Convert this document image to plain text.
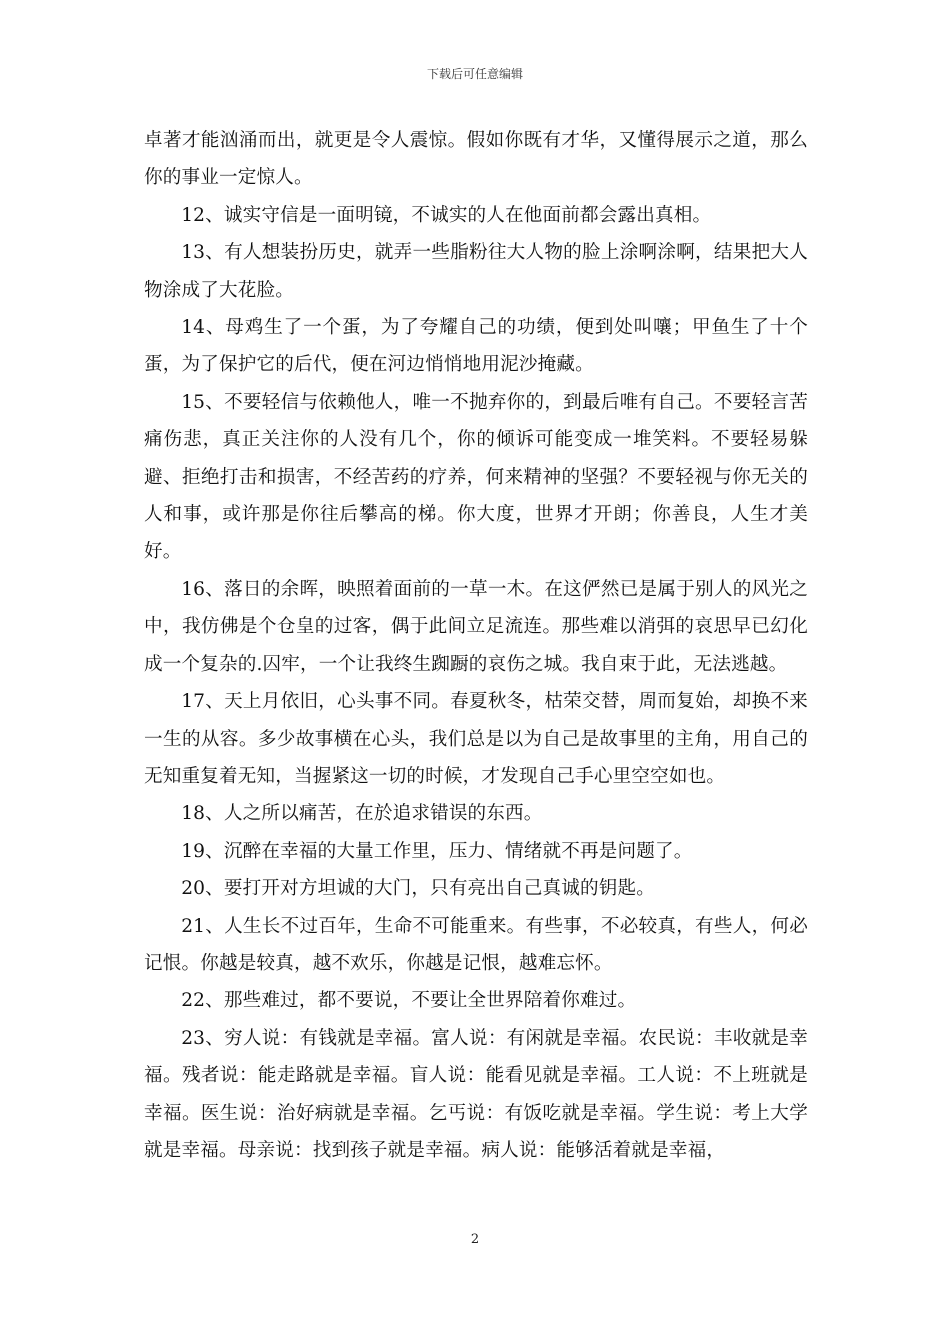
下载后可任意编辑

卓著才能汹涌而出，就更是令人震惊。假如你既有才华，又懂得展示之道，那么你的事业一定惊人。

12、诚实守信是一面明镜，不诚实的人在他面前都会露出真相。

13、有人想装扮历史，就弄一些脂粉往大人物的脸上涂啊涂啊，结果把大人物涂成了大花脸。

14、母鸡生了一个蛋，为了夸耀自己的功绩，便到处叫嚷；甲鱼生了十个蛋，为了保护它的后代，便在河边悄悄地用泥沙掩藏。

15、不要轻信与依赖他人，唯一不抛弃你的，到最后唯有自己。不要轻言苦痛伤悲，真正关注你的人没有几个，你的倾诉可能变成一堆笑料。不要轻易躲避、拒绝打击和损害，不经苦药的疗养，何来精神的坚强？不要轻视与你无关的人和事，或许那是你往后攀高的梯。你大度，世界才开朗；你善良，人生才美好。

16、落日的余晖，映照着面前的一草一木。在这俨然已是属于别人的风光之中，我仿佛是个仓皇的过客，偶于此间立足流连。那些难以消弭的哀思早已幻化成一个复杂的.囚牢，一个让我终生踟蹰的哀伤之城。我自束于此，无法逃越。

17、天上月依旧，心头事不同。春夏秋冬，枯荣交替，周而复始，却换不来一生的从容。多少故事横在心头，我们总是以为自己是故事里的主角，用自己的无知重复着无知，当握紧这一切的时候，才发现自己手心里空空如也。

18、人之所以痛苦，在於追求错误的东西。

19、沉醉在幸福的大量工作里，压力、情绪就不再是问题了。

20、要打开对方坦诚的大门，只有亮出自己真诚的钥匙。

21、人生长不过百年，生命不可能重来。有些事，不必较真，有些人，何必记恨。你越是较真，越不欢乐，你越是记恨，越难忘怀。

22、那些难过，都不要说，不要让全世界陪着你难过。

23、穷人说：有钱就是幸福。富人说：有闲就是幸福。农民说：丰收就是幸福。残者说：能走路就是幸福。盲人说：能看见就是幸福。工人说：不上班就是幸福。医生说：治好病就是幸福。乞丐说：有饭吃就是幸福。学生说：考上大学就是幸福。母亲说：找到孩子就是幸福。病人说：能够活着就是幸福，

2
